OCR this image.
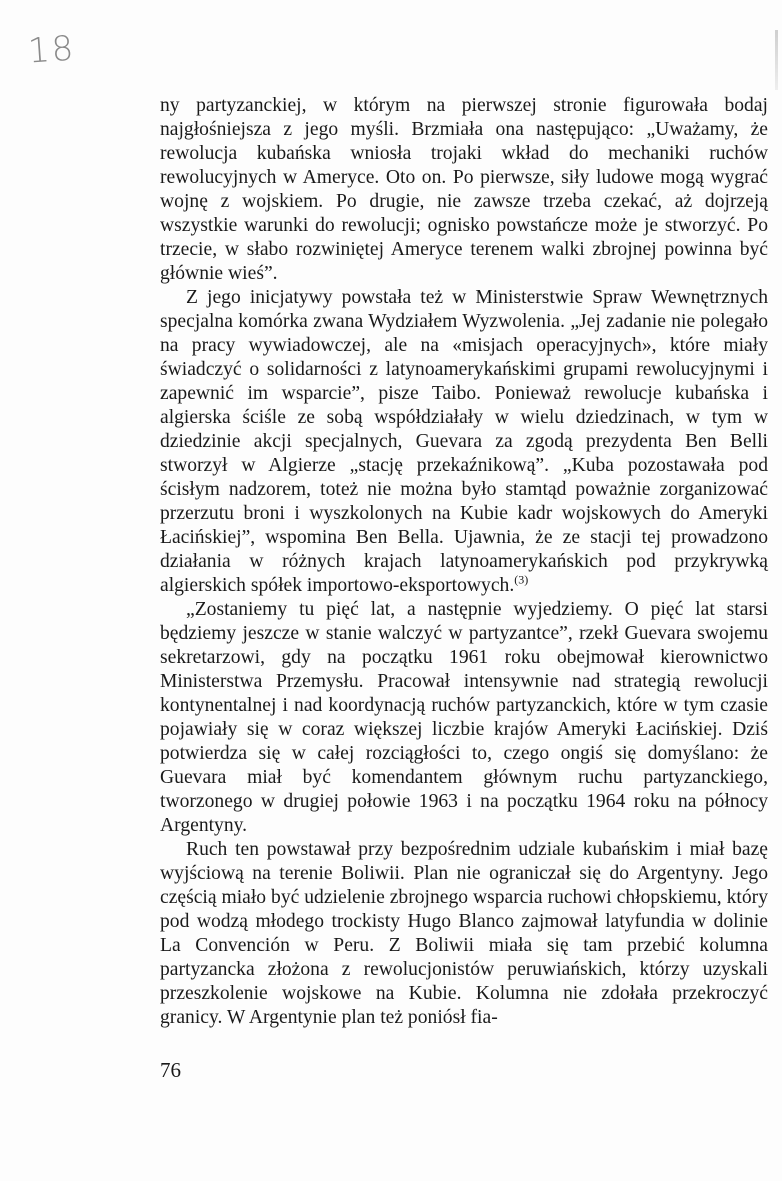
18

ny partyzanckiej, w którym na pierwszej stronie figurowała bodaj najgłośniejsza z jego myśli. Brzmiała ona następująco: „Uważamy, że rewolucja kubańska wniosła trojaki wkład do mechaniki ruchów rewolucyjnych w Ameryce. Oto on. Po pierwsze, siły ludowe mogą wygrać wojnę z wojskiem. Po drugie, nie zawsze trzeba czekać, aż dojrzeją wszystkie warunki do rewolucji; ognisko powstańcze może je stworzyć. Po trzecie, w słabo rozwiniętej Ameryce terenem walki zbrojnej powinna być głównie wieś”.

Z jego inicjatywy powstała też w Ministerstwie Spraw Wewnętrznych specjalna komórka zwana Wydziałem Wyzwolenia. „Jej zadanie nie polegało na pracy wywiadowczej, ale na «misjach operacyjnych», które miały świadczyć o solidarności z latynoamerykańskimi grupami rewolucyjnymi i zapewnić im wsparcie”, pisze Taibo. Ponieważ rewolucje kubańska i algierska ściśle ze sobą współdziałały w wielu dziedzinach, w tym w dziedzinie akcji specjalnych, Guevara za zgodą prezydenta Ben Belli stworzył w Algierze „stację przekaźnikową”. „Kuba pozostawała pod ścisłym nadzorem, toteż nie można było stamtąd poważnie zorganizować przerzutu broni i wyszkolonych na Kubie kadr wojskowych do Ameryki Łacińskiej”, wspomina Ben Bella. Ujawnia, że ze stacji tej prowadzono działania w różnych krajach latynoamerykańskich pod przykrywką algierskich spółek importowo-eksportowych.$^{(3)}$

„Zostaniemy tu pięć lat, a następnie wyjedziemy. O pięć lat starsi będziemy jeszcze w stanie walczyć w partyzantce”, rzekł Guevara swojemu sekretarzowi, gdy na początku 1961 roku obejmował kierownictwo Ministerstwa Przemysłu. Pracował intensywnie nad strategią rewolucji kontynentalnej i nad koordynacją ruchów partyzanckich, które w tym czasie pojawiały się w coraz większej liczbie krajów Ameryki Łacińskiej. Dziś potwierdza się w całej rozciągłości to, czego ongiś się domyślano: że Guevara miał być komendantem głównym ruchu partyzanckiego, tworzonego w drugiej połowie 1963 i na początku 1964 roku na północy Argentyny.

Ruch ten powstawał przy bezpośrednim udziale kubańskim i miał bazę wyjściową na terenie Boliwii. Plan nie ograniczał się do Argentyny. Jego częścią miało być udzielenie zbrojnego wsparcia ruchowi chłopskiemu, który pod wodzą młodego trockisty Hugo Blanco zajmował latyfundia w dolinie La Convención w Peru. Z Boliwii miała się tam przebić kolumna partyzancka złożona z rewolucjonistów peruwiańskich, którzy uzyskali przeszkolenie wojskowe na Kubie. Kolumna nie zdołała przekroczyć granicy. W Argentynie plan też poniósł fia-

76
